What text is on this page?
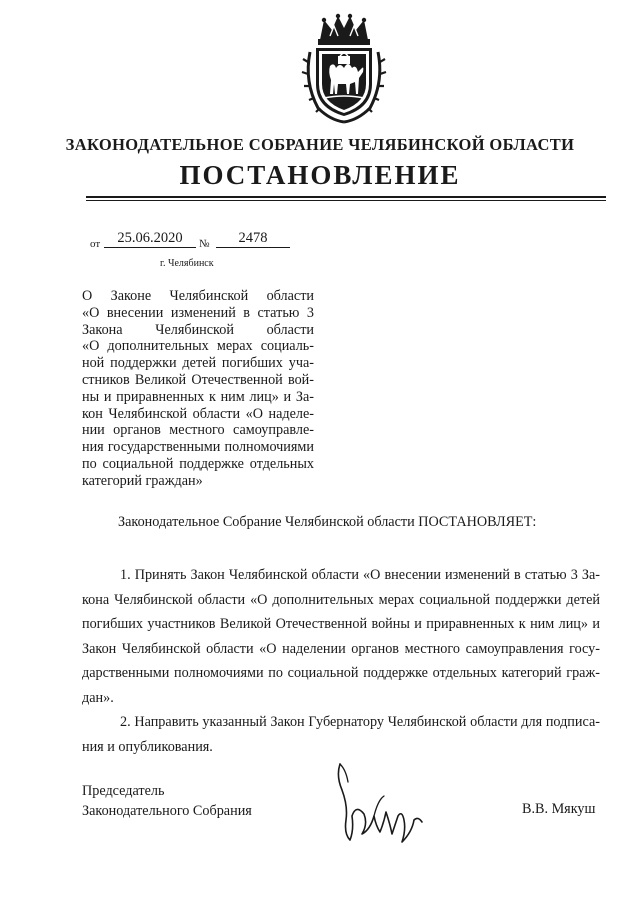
ЗАКОНОДАТЕЛЬНОЕ СОБРАНИЕ ЧЕЛЯБИНСКОЙ ОБЛАСТИ
ПОСТАНОВЛЕНИЕ
от	25.06.2020	№	2478
г. Челябинск
О Законе Челябинской области
«О внесении изменений в статью 3
Закона Челябинской области
«О дополнительных мерах социаль-
ной поддержки детей погибших уча-
стников Великой Отечественной вой-
ны и приравненных к ним лиц» и За-
кон Челябинской области «О наделе-
нии органов местного самоуправле-
ния государственными полномочиями
по социальной поддержке отдельных
категорий граждан»
Законодательное Собрание Челябинской области ПОСТАНОВЛЯЕТ:
1. Принять Закон Челябинской области «О внесении изменений в статью 3 За-
кона Челябинской области «О дополнительных мерах социальной поддержки детей
погибших участников Великой Отечественной войны и приравненных к ним лиц» и
Закон Челябинской области «О наделении органов местного самоуправления госу-
дарственными полномочиями по социальной поддержке отдельных категорий граж-
дан».
2. Направить указанный Закон Губернатору Челябинской области для подписа-
ния и опубликования.
Председатель
Законодательного Собрания	В.В. Мякуш
